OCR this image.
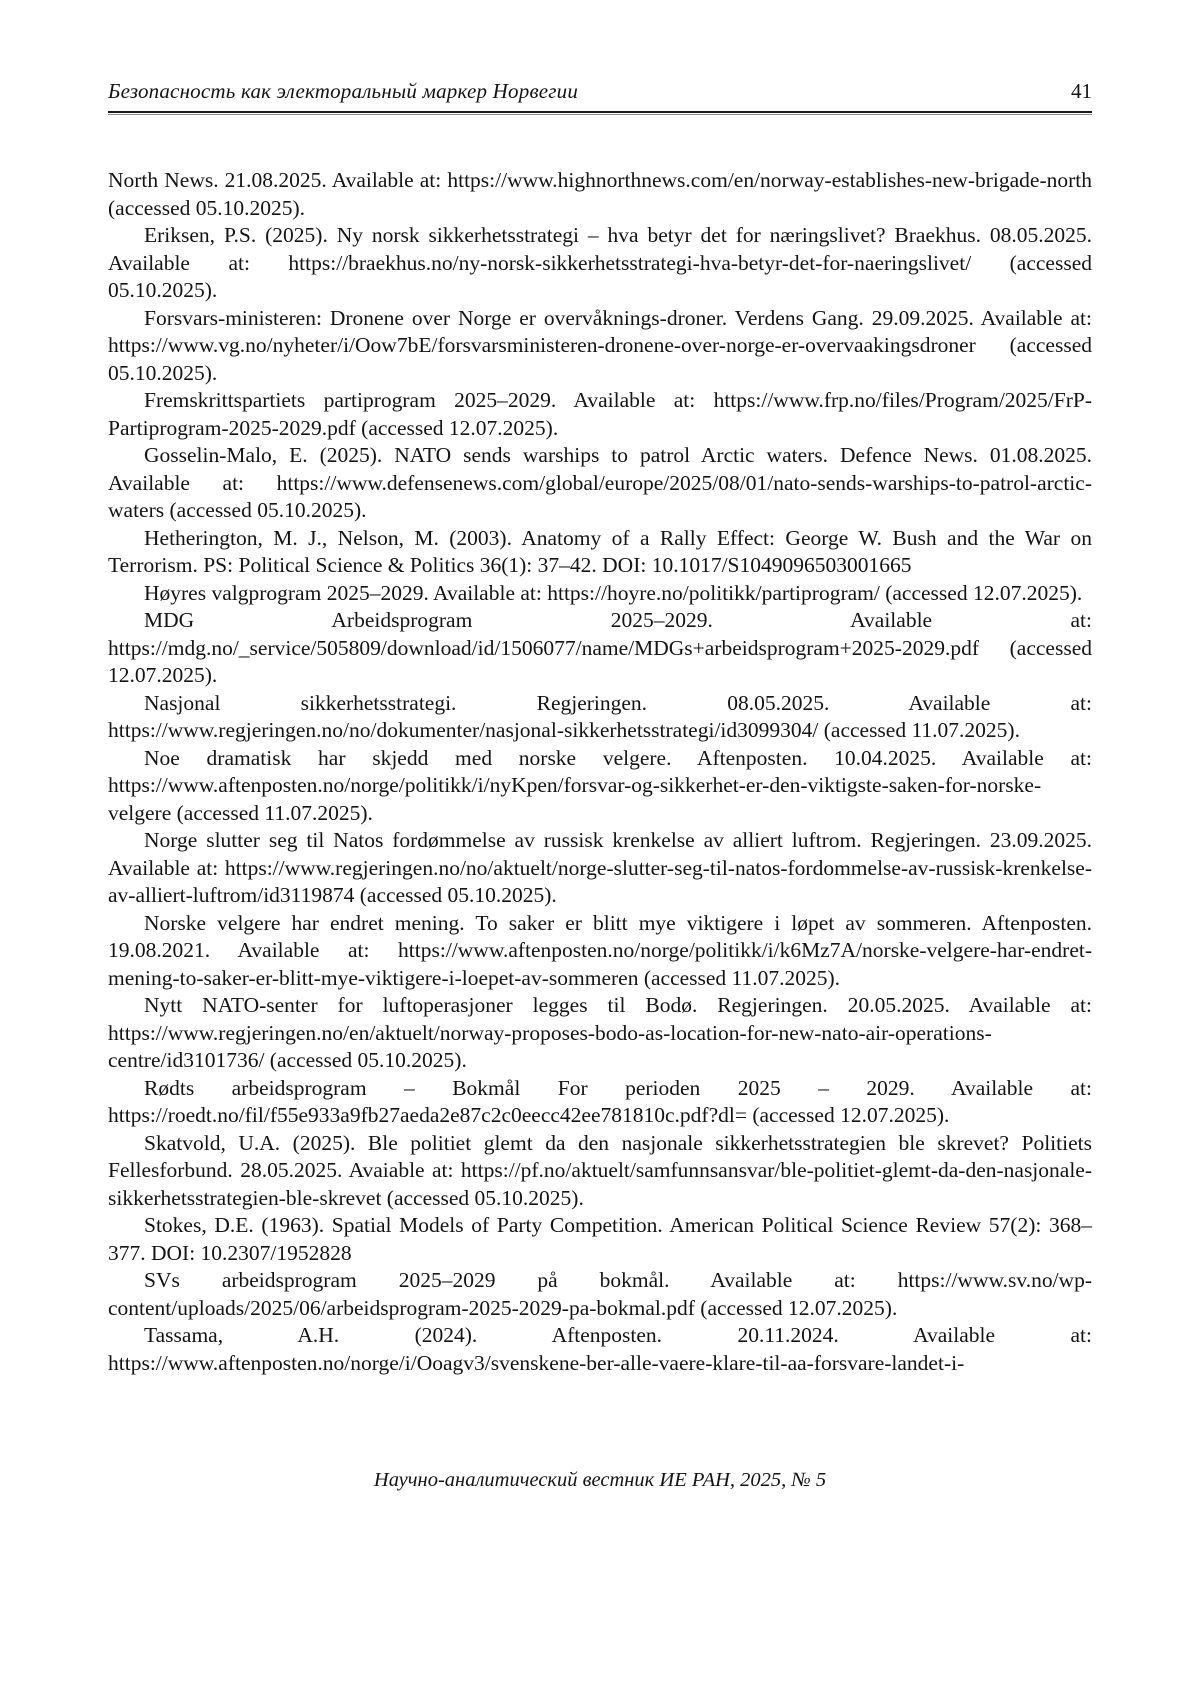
Безопасность как электоральный маркер Норвегии	41

North News. 21.08.2025. Available at: https://www.highnorthnews.com/en/norway-establishes-new-brigade-north (accessed 05.10.2025).

Eriksen, P.S. (2025). Ny norsk sikkerhetsstrategi – hva betyr det for næringslivet? Braekhus. 08.05.2025. Available at: https://braekhus.no/ny-norsk-sikkerhetsstrategi-hva-betyr-det-for-naeringslivet/ (accessed 05.10.2025).

Forsvars-ministeren: Dronene over Norge er overvåknings-droner. Verdens Gang. 29.09.2025. Available at: https://www.vg.no/nyheter/i/Oow7bE/forsvarsministeren-dronene-over-norge-er-overvaakingsdroner (accessed 05.10.2025).

Fremskrittspartiets partiprogram 2025–2029. Available at: https://www.frp.no/files/Program/2025/FrP-Partiprogram-2025-2029.pdf (accessed 12.07.2025).

Gosselin-Malo, E. (2025). NATO sends warships to patrol Arctic waters. Defence News. 01.08.2025. Available at: https://www.defensenews.com/global/europe/2025/08/01/nato-sends-warships-to-patrol-arctic-waters (accessed 05.10.2025).

Hetherington, M. J., Nelson, M. (2003). Anatomy of a Rally Effect: George W. Bush and the War on Terrorism. PS: Political Science & Politics 36(1): 37–42. DOI: 10.1017/S1049096503001665

Høyres valgprogram 2025–2029. Available at: https://hoyre.no/politikk/partiprogram/ (accessed 12.07.2025).

MDG Arbeidsprogram 2025–2029. Available at: https://mdg.no/_service/505809/download/id/1506077/name/MDGs+arbeidsprogram+2025-2029.pdf (accessed 12.07.2025).

Nasjonal sikkerhetsstrategi. Regjeringen. 08.05.2025. Available at: https://www.regjeringen.no/no/dokumenter/nasjonal-sikkerhetsstrategi/id3099304/ (accessed 11.07.2025).

Noe dramatisk har skjedd med norske velgere. Aftenposten. 10.04.2025. Available at: https://www.aftenposten.no/norge/politikk/i/nyKpen/forsvar-og-sikkerhet-er-den-viktigste-saken-for-norske-velgere (accessed 11.07.2025).

Norge slutter seg til Natos fordømmelse av russisk krenkelse av alliert luftrom. Regjeringen. 23.09.2025. Available at: https://www.regjeringen.no/no/aktuelt/norge-slutter-seg-til-natos-fordommelse-av-russisk-krenkelse-av-alliert-luftrom/id3119874 (accessed 05.10.2025).

Norske velgere har endret mening. To saker er blitt mye viktigere i løpet av sommeren. Aftenposten. 19.08.2021. Available at: https://www.aftenposten.no/norge/politikk/i/k6Mz7A/norske-velgere-har-endret-mening-to-saker-er-blitt-mye-viktigere-i-loepet-av-sommeren (accessed 11.07.2025).

Nytt NATO-senter for luftoperasjoner legges til Bodø. Regjeringen. 20.05.2025. Available at: https://www.regjeringen.no/en/aktuelt/norway-proposes-bodo-as-location-for-new-nato-air-operations-centre/id3101736/ (accessed 05.10.2025).

Rødts arbeidsprogram – Bokmål For perioden 2025 – 2029. Available at: https://roedt.no/fil/f55e933a9fb27aeda2e87c2c0eecc42ee781810c.pdf?dl= (accessed 12.07.2025).

Skatvold, U.A. (2025). Ble politiet glemt da den nasjonale sikkerhetsstrategien ble skrevet? Politiets Fellesforbund. 28.05.2025. Avaiable at: https://pf.no/aktuelt/samfunnsansvar/ble-politiet-glemt-da-den-nasjonale-sikkerhetsstrategien-ble-skrevet (accessed 05.10.2025).

Stokes, D.E. (1963). Spatial Models of Party Competition. American Political Science Review 57(2): 368–377. DOI: 10.2307/1952828

SVs arbeidsprogram 2025–2029 på bokmål. Available at: https://www.sv.no/wp-content/uploads/2025/06/arbeidsprogram-2025-2029-pa-bokmal.pdf (accessed 12.07.2025).

Tassama, A.H. (2024). Aftenposten. 20.11.2024. Available at: https://www.aftenposten.no/norge/i/Ooagv3/svenskene-ber-alle-vaere-klare-til-aa-forsvare-landet-i-

Научно-аналитический вестник ИЕ РАН, 2025, № 5
